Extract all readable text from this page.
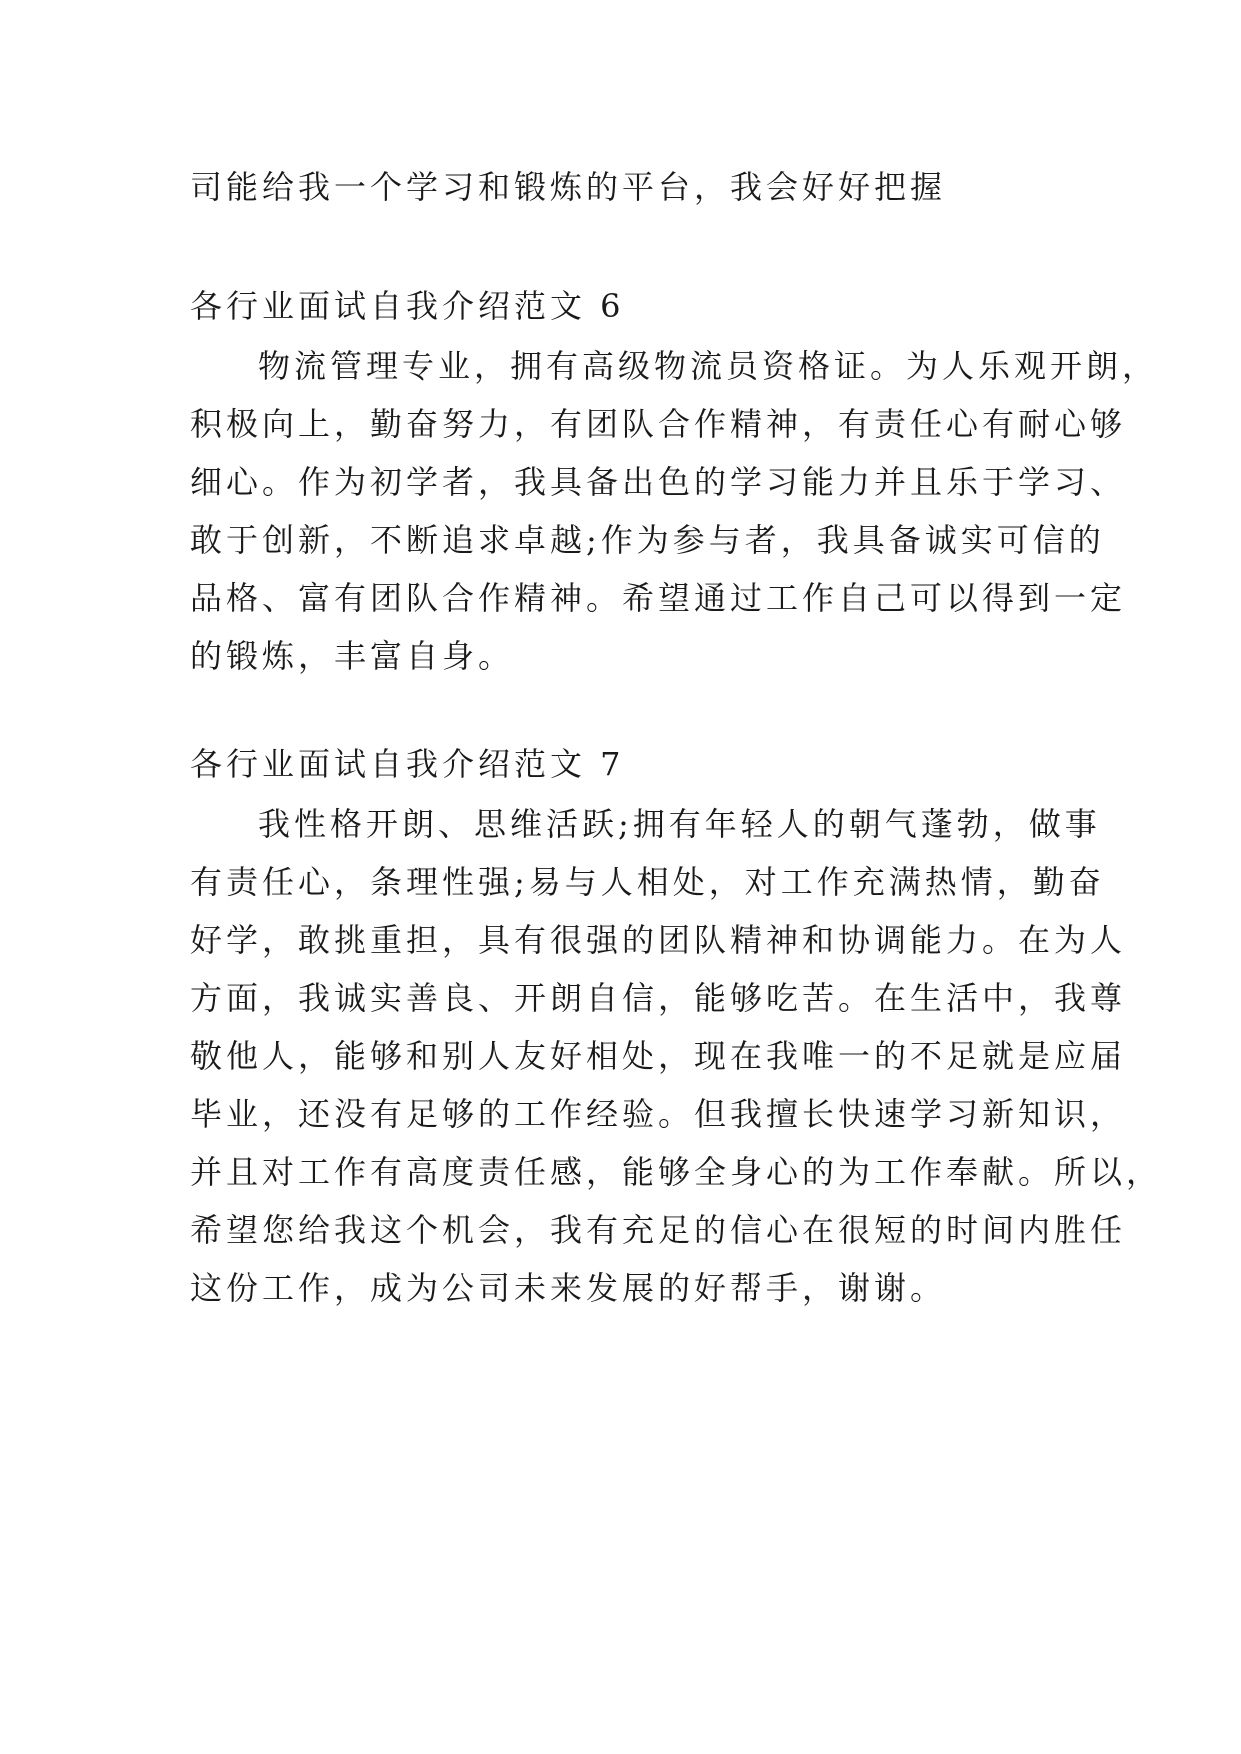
司能给我一个学习和锻炼的平台，我会好好把握

各行业面试自我介绍范文 6
物流管理专业，拥有高级物流员资格证。为人乐观开朗，
积极向上，勤奋努力，有团队合作精神，有责任心有耐心够
细心。作为初学者，我具备出色的学习能力并且乐于学习、
敢于创新，不断追求卓越;作为参与者，我具备诚实可信的
品格、富有团队合作精神。希望通过工作自己可以得到一定
的锻炼，丰富自身。
各行业面试自我介绍范文 7
我性格开朗、思维活跃;拥有年轻人的朝气蓬勃，做事
有责任心，条理性强;易与人相处，对工作充满热情，勤奋
好学，敢挑重担，具有很强的团队精神和协调能力。在为人
方面，我诚实善良、开朗自信，能够吃苦。在生活中，我尊
敬他人，能够和别人友好相处，现在我唯一的不足就是应届
毕业，还没有足够的工作经验。但我擅长快速学习新知识，
并且对工作有高度责任感，能够全身心的为工作奉献。所以，
希望您给我这个机会，我有充足的信心在很短的时间内胜任
这份工作，成为公司未来发展的好帮手，谢谢。
